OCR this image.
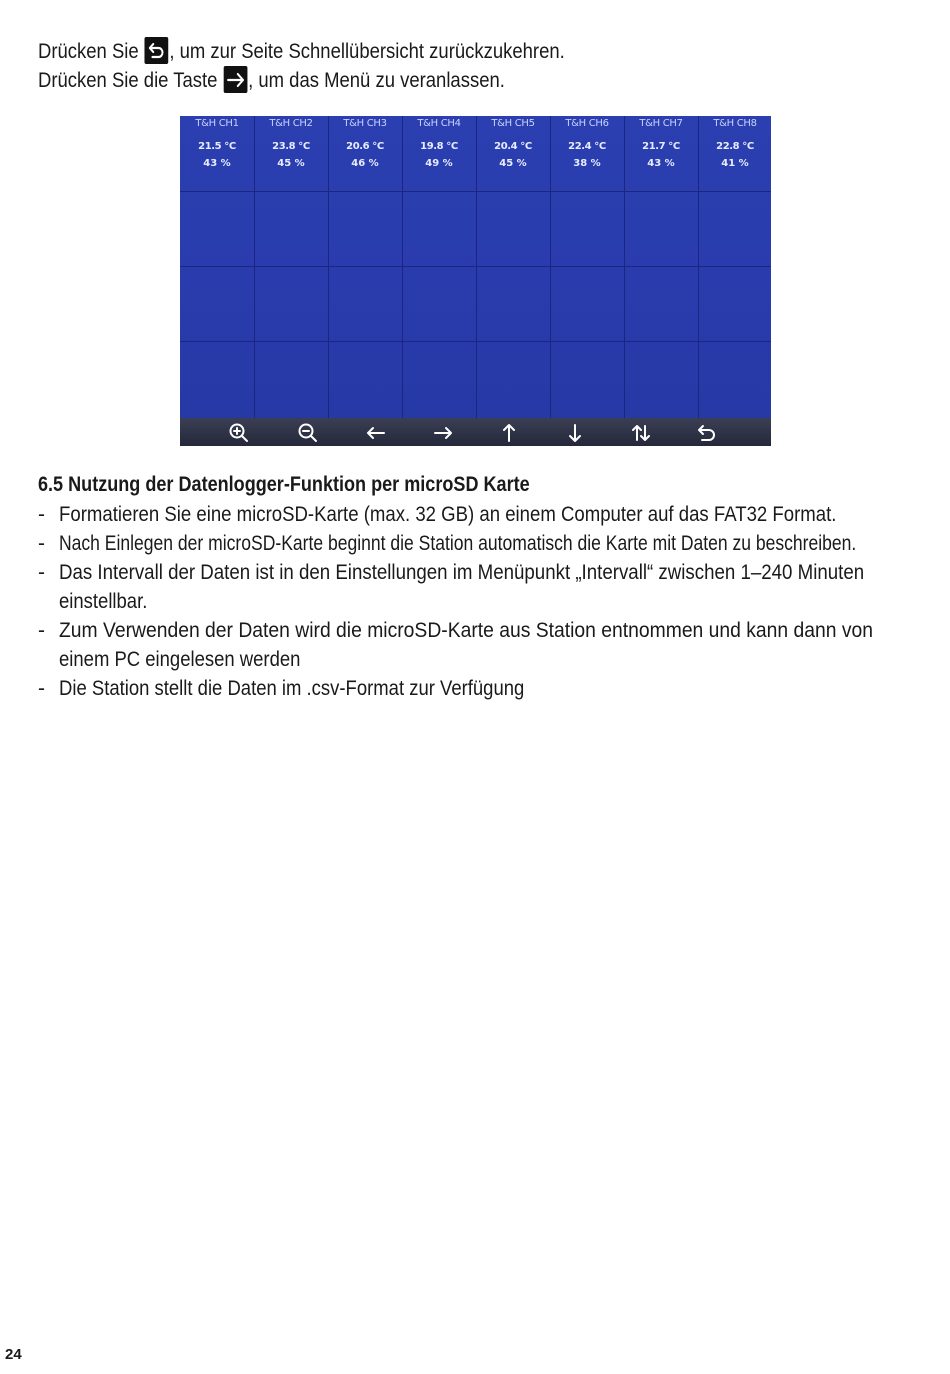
Drücken Sie
, um zur Seite Schnellübersicht zurückzukehren.
Drücken Sie die Taste
, um das Menü zu veranlassen.
T&H CH1
21.5 °C
43 %
T&H CH2
23.8 °C
45 %
T&H CH3
20.6 °C
46 %
T&H CH4
19.8 °C
49 %
T&H CH5
20.4 °C
45 %
T&H CH6
22.4 °C
38 %
T&H CH7
21.7 °C
43 %
T&H CH8
22.8 °C
41 %
6.5 Nutzung der Datenlogger-Funktion per microSD Karte
- Formatieren Sie eine microSD-Karte (max. 32 GB) an einem Computer auf das FAT32 Format.
- Nach Einlegen der microSD-Karte beginnt die Station automatisch die Karte mit Daten zu beschreiben.
- Das Intervall der Daten ist in den Einstellungen im Menüpunkt „Intervall“ zwischen 1–240 Minuten
einstellbar.
- Zum Verwenden der Daten wird die microSD-Karte aus Station entnommen und kann dann von
einem PC eingelesen werden
- Die Station stellt die Daten im .csv-Format zur Verfügung
24
